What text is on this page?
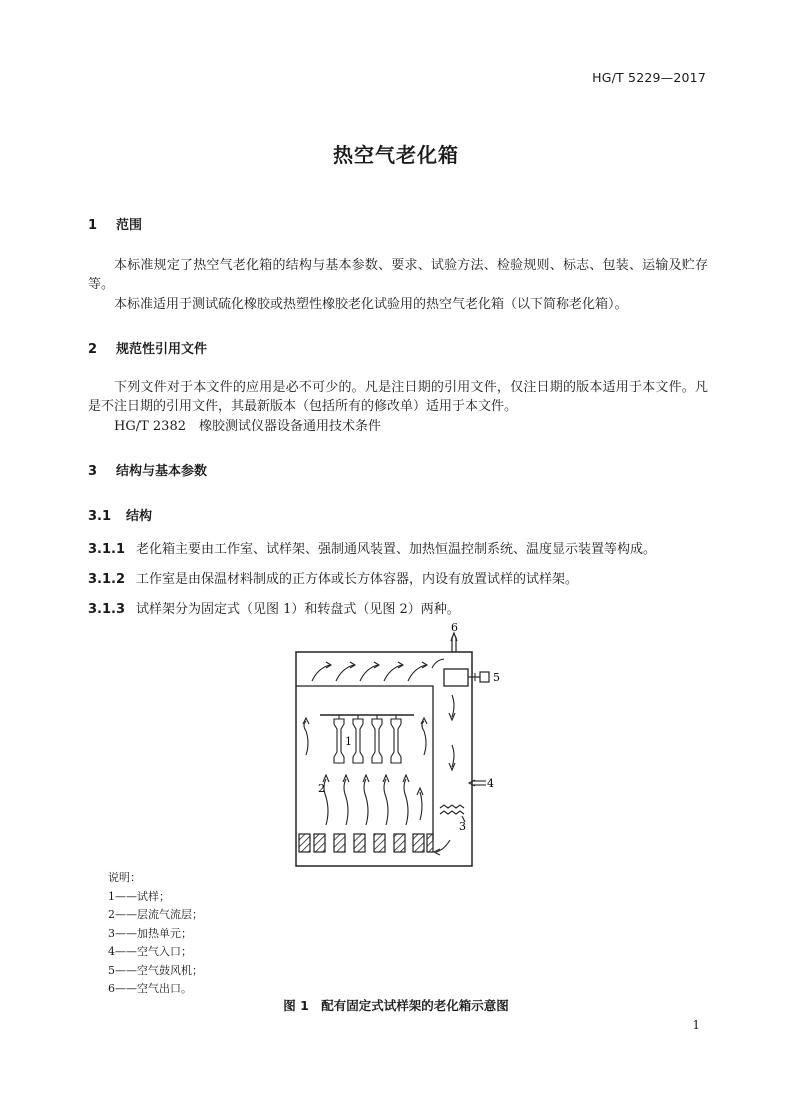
HG/T 5229—2017
热空气老化箱
1 范围
本标准规定了热空气老化箱的结构与基本参数、要求、试验方法、检验规则、标志、包装、运输及贮存等。
本标准适用于测试硫化橡胶或热塑性橡胶老化试验用的热空气老化箱（以下简称老化箱）。
2 规范性引用文件
下列文件对于本文件的应用是必不可少的。凡是注日期的引用文件，仅注日期的版本适用于本文件。凡是不注日期的引用文件，其最新版本（包括所有的修改单）适用于本文件。
HG/T 2382　橡胶测试仪器设备通用技术条件
3 结构与基本参数
3.1 结构
3.1.1 老化箱主要由工作室、试样架、强制通风装置、加热恒温控制系统、温度显示装置等构成。
3.1.2 工作室是由保温材料制成的正方体或长方体容器，内设有放置试样的试样架。
3.1.3 试样架分为固定式（见图 1）和转盘式（见图 2）两种。
1
2
3
4
5
6
说明：
1——试样；
2——层流气流层；
3——加热单元；
4——空气入口；
5——空气鼓风机；
6——空气出口。
图 1　配有固定式试样架的老化箱示意图
1
